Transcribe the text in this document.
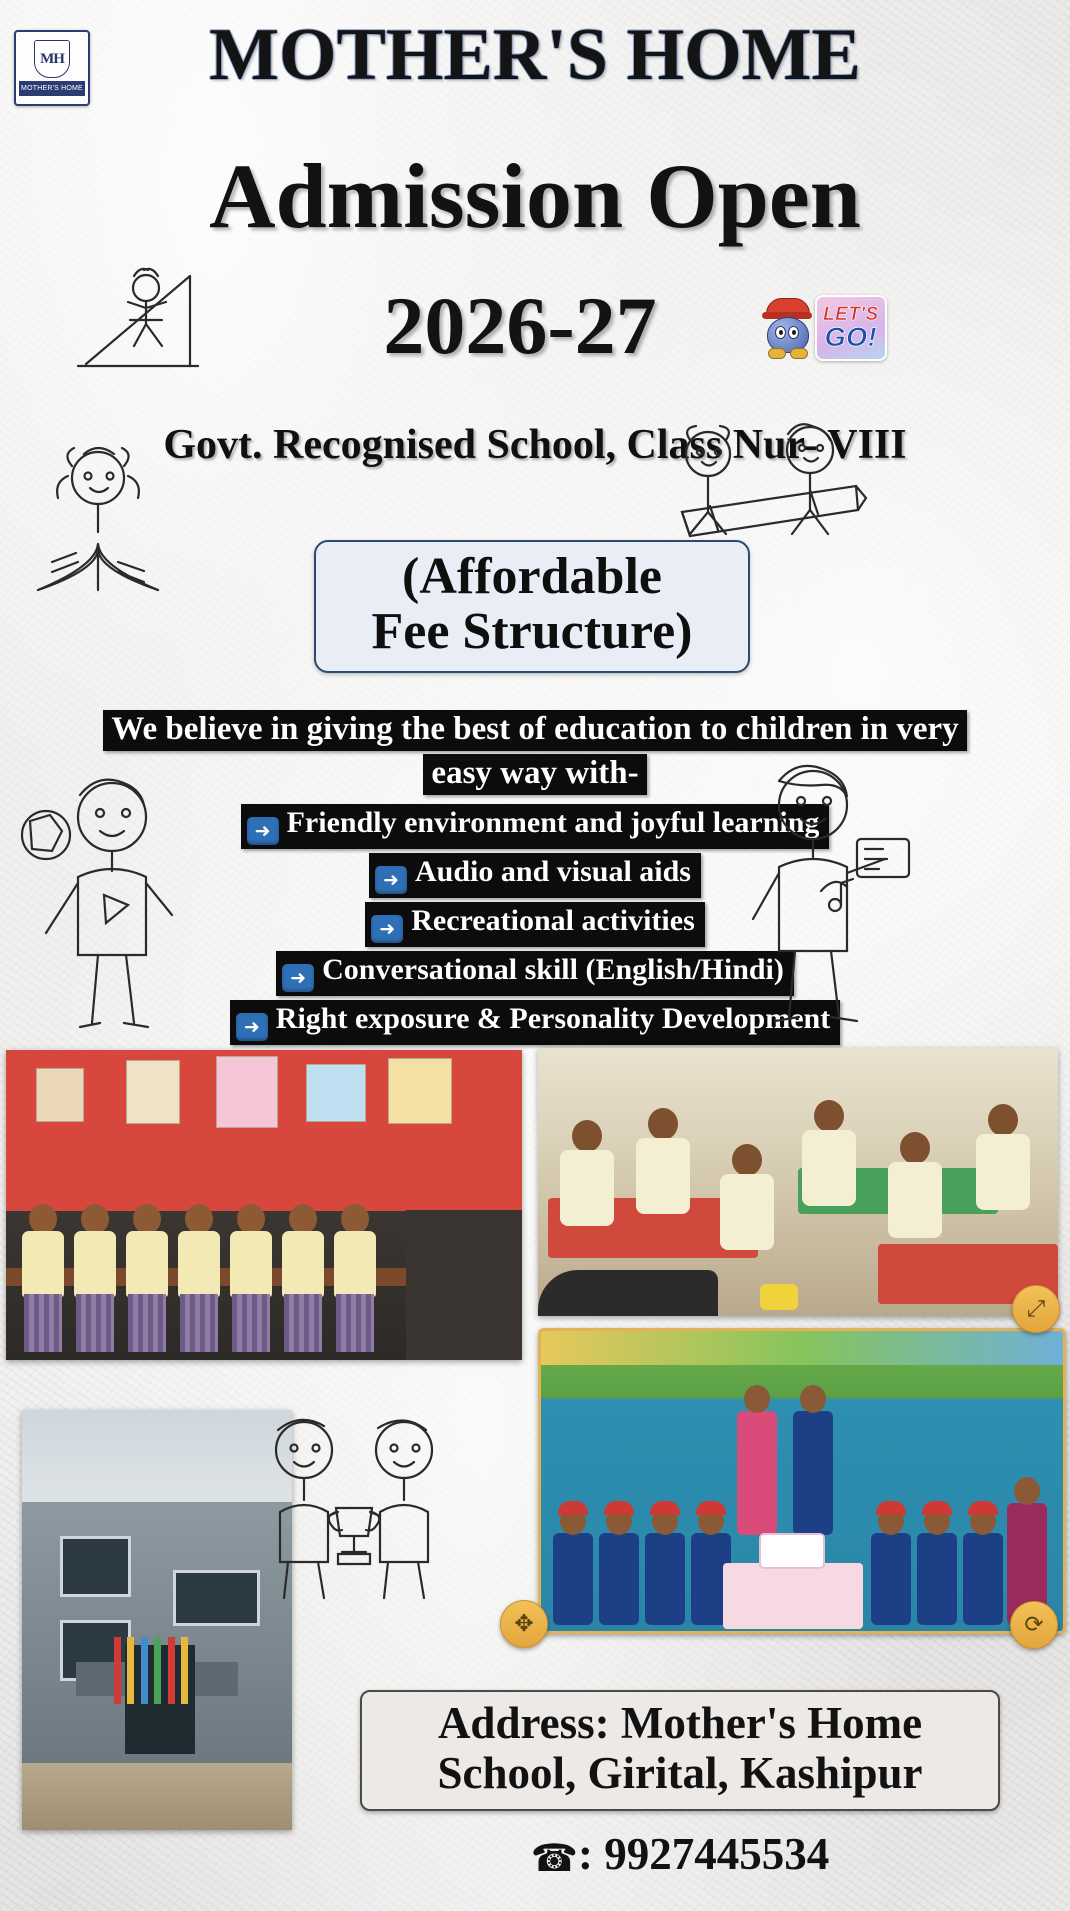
MH
MOTHER'S HOME	MOTHER'S HOME
Admission Open
2026-27
Govt. Recognised School, Class Nur- VIII
LET'S
GO!
(Affordable
Fee Structure)
We believe in giving the best of education to children in very
easy way with-
➜ Friendly environment and joyful learning
➜ Audio and visual aids
➜ Recreational activities
➜ Conversational skill (English/Hindi)
➜ Right exposure & Personality Development
⤢
✥	⟳
Address: Mother's Home
School, Girital, Kashipur
☎: 9927445534
